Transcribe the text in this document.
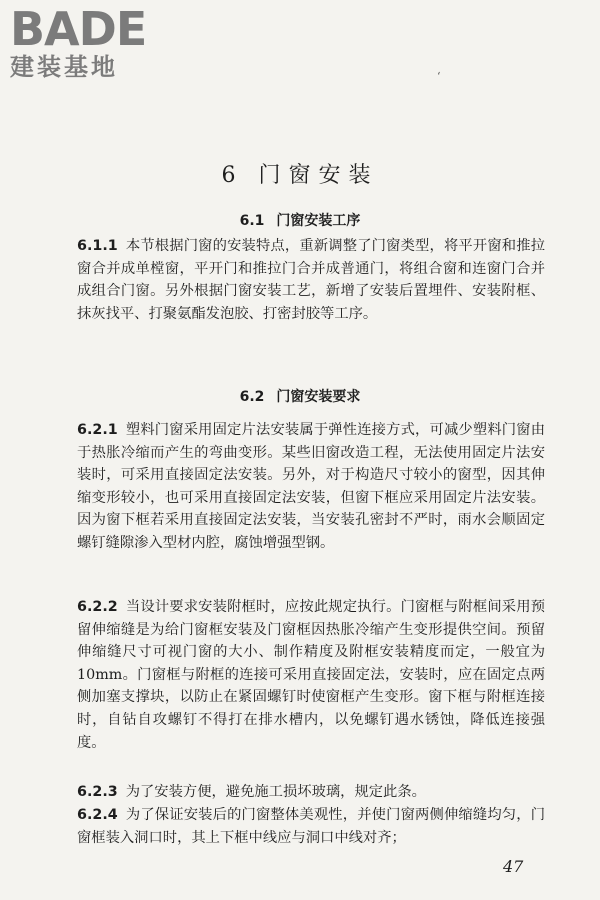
BADE
建装基地	ʻ
6 门窗安装
6.1 门窗安装工序

6.1.1 本节根据门窗的安装特点，重新调整了门窗类型，将平开窗和推拉窗合并成单樘窗，平开门和推拉门合并成普通门，将组合窗和连窗门合并成组合门窗。另外根据门窗安装工艺，新增了安装后置埋件、安装附框、抹灰找平、打聚氨酯发泡胶、打密封胶等工序。

6.2 门窗安装要求

6.2.1 塑料门窗采用固定片法安装属于弹性连接方式，可减少塑料门窗由于热胀冷缩而产生的弯曲变形。某些旧窗改造工程，无法使用固定片法安装时，可采用直接固定法安装。另外，对于构造尺寸较小的窗型，因其伸缩变形较小，也可采用直接固定法安装，但窗下框应采用固定片法安装。因为窗下框若采用直接固定法安装，当安装孔密封不严时，雨水会顺固定螺钉缝隙渗入型材内腔，腐蚀增强型钢。

6.2.2 当设计要求安装附框时，应按此规定执行。门窗框与附框间采用预留伸缩缝是为给门窗框安装及门窗框因热胀冷缩产生变形提供空间。预留伸缩缝尺寸可视门窗的大小、制作精度及附框安装精度而定，一般宜为10mm。门窗框与附框的连接可采用直接固定法，安装时，应在固定点两侧加塞支撑块，以防止在紧固螺钉时使窗框产生变形。窗下框与附框连接时，自钻自攻螺钉不得打在排水槽内，以免螺钉遇水锈蚀，降低连接强度。

6.2.3 为了安装方便，避免施工损坏玻璃，规定此条。

6.2.4 为了保证安装后的门窗整体美观性，并使门窗两侧伸缩缝均匀，门窗框装入洞口时，其上下框中线应与洞口中线对齐；

47
